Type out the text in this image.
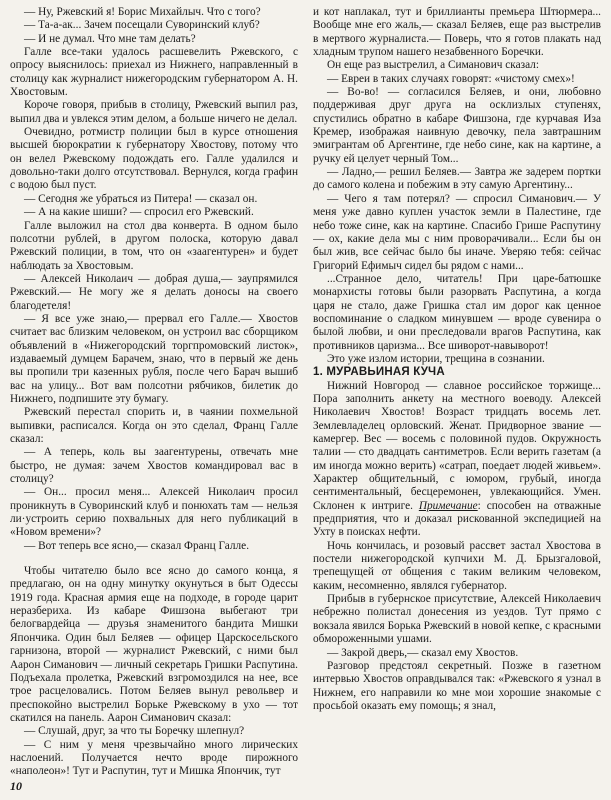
— Ну, Ржевский я! Борис Михайлыч. Что с того?

— Та-а-ак... Зачем посещали Суворинский клуб?

— И не думал. Что мне там делать?

Галле все-таки удалось расшевелить Ржевского, с опросу выяснилось: приехал из Нижнего, направленный в столицу как журналист нижегородским губернатором А. Н. Хвостовым.

Короче говоря, прибыв в столицу, Ржевский выпил раз, выпил два и увлекся этим делом, а больше ничего не делал.

Очевидно, ротмистр полиции был в курсе отношения высшей бюрократии к губернатору Хвостову, потому что он велел Ржевскому подождать его. Галле удалился и довольно-таки долго отсутствовал. Вернулся, когда графин с водою был пуст.

— Сегодня же убраться из Питера! — сказал он.

— А на какие шиши? — спросил его Ржевский.

Галле выложил на стол два конверта. В одном было полсотни рублей, в другом полоска, которую давал Ржевский полиции, в том, что он «заагентурен» и будет наблюдать за Хвостовым.

— Алексей Николаич — добрая душа,— заупрямился Ржевский.— Не могу же я делать доносы на своего благодетеля!

— Я все уже знаю,— прервал его Галле.— Хвостов считает вас близким человеком, он устроил вас сборщиком объявлений в «Нижегородский торгпромовский листок», издаваемый думцем Барачем, знаю, что в первый же день вы пропили три казенных рубля, после чего Барач вышиб вас на улицу... Вот вам полсотни рябчиков, билетик до Нижнего, подпишите эту бумагу.

Ржевский перестал спорить и, в чаянии похмельной выпивки, расписался. Когда он это сделал, Франц Галле сказал:

— А теперь, коль вы заагентурены, отвечать мне быстро, не думая: зачем Хвостов командировал вас в столицу?

— Он... просил меня... Алексей Николаич просил проникнуть в Суворинский клуб и понюхать там — нельзя ли·устроить серию похвальных для него публикаций в «Новом времени»?

— Вот теперь все ясно,— сказал Франц Галле.

Чтобы читателю было все ясно до самого конца, я предлагаю, он на одну минутку окунуться в быт Одессы 1919 года. Красная армия еще на подходе, в городе царит неразбериха. Из кабаре Фишзона выбегают три белогвардейца — друзья знаменитого бандита Мишки Япончика. Один был Беляев — офицер Царскосельского гарнизона, второй — журналист Ржевский, с ними был Аарон Симанович — личный секретарь Гришки Распутина. Подъехала пролетка, Ржевский взгромоздился на нее, все трое расцеловались. Потом Беляев вынул револьвер и преспокойно выстрелил Борьке Ржевскому в ухо — тот скатился на панель. Аарон Симанович сказал:

— Слушай, друг, за что ты Боречку шлепнул?

— С ним у меня чрезвычайно много лирических наслоений. Получается нечто вроде пирожного «наполеон»! Тут и Распутин, тут и Мишка Япончик, тут

и кот наплакал, тут и бриллианты премьера Штюрмера... Вообще мне его жаль,— сказал Беляев, еще раз выстрелив в мертвого журналиста.— Поверь, что я готов плакать над хладным трупом нашего незабвенного Боречки.

Он еще раз выстрелил, а Симанович сказал:

— Евреи в таких случаях говорят: «чистому смех»!

— Во-во! — согласился Беляев, и они, любовно поддерживая друг друга на осклизлых ступенях, спустились обратно в кабаре Фишзона, где курчавая Иза Кремер, изображая наивную девочку, пела завтрашним эмигрантам об Аргентине, где небо сине, как на картине, а ручку ей целует черный Том...

— Ладно,— решил Беляев.— Завтра же задерем портки до самого колена и побежим в эту самую Аргентину...

— Чего я там потерял? — спросил Симанович.— У меня уже давно куплен участок земли в Палестине, где небо тоже сине, как на картине. Спасибо Грише Распутину — ох, какие дела мы с ним проворачивали... Если бы он был жив, все сейчас было бы иначе. Уверяю тебя: сейчас Григорий Ефимыч сидел бы рядом с нами...

...Странное дело, читатель! При царе-батюшке монархисты готовы были разорвать Распутина, а когда царя не стало, даже Гришка стал им дорог как ценное воспоминание о сладком минувшем — вроде сувенира о былой любви, и они преследовали врагов Распутина, как противников царизма... Все шиворот-навыворот!

Это уже излом истории, трещина в сознании.

1. МУРАВЬИНАЯ КУЧА

Нижний Новгород — славное российское торжище... Пора заполнить анкету на местного воеводу. Алексей Николаевич Хвостов! Возраст тридцать восемь лет. Землевладелец орловский. Женат. Придворное звание — камергер. Вес — восемь с половиной пудов. Окружность талии — сто двадцать сантиметров. Если верить газетам (а им иногда можно верить) «сатрап, поедает людей живьем». Характер общительный, с юмором, грубый, иногда сентиментальный, бесцеремонен, увлекающийся. Умен. Склонен к интриге. Примечание: способен на отважные предприятия, что и доказал рискованной экспедицией на Ухту в поисках нефти.

Ночь кончилась, и розовый рассвет застал Хвостова в постели нижегородской купчихи М. Д. Брызгаловой, трепещущей от общения с таким великим человеком, каким, несомненно, являлся губернатор.

Прибыв в губернское присутствие, Алексей Николаевич небрежно полистал донесения из уездов. Тут прямо с вокзала явился Борька Ржевский в новой кепке, с красными обмороженными ушами.

— Закрой дверь,— сказал ему Хвостов.

Разговор предстоял секретный. Позже в газетном интервью Хвостов оправдывался так: «Ржевского я узнал в Нижнем, его направили ко мне мои хорошие знакомые с просьбой оказать ему помощь; я знал,

10
